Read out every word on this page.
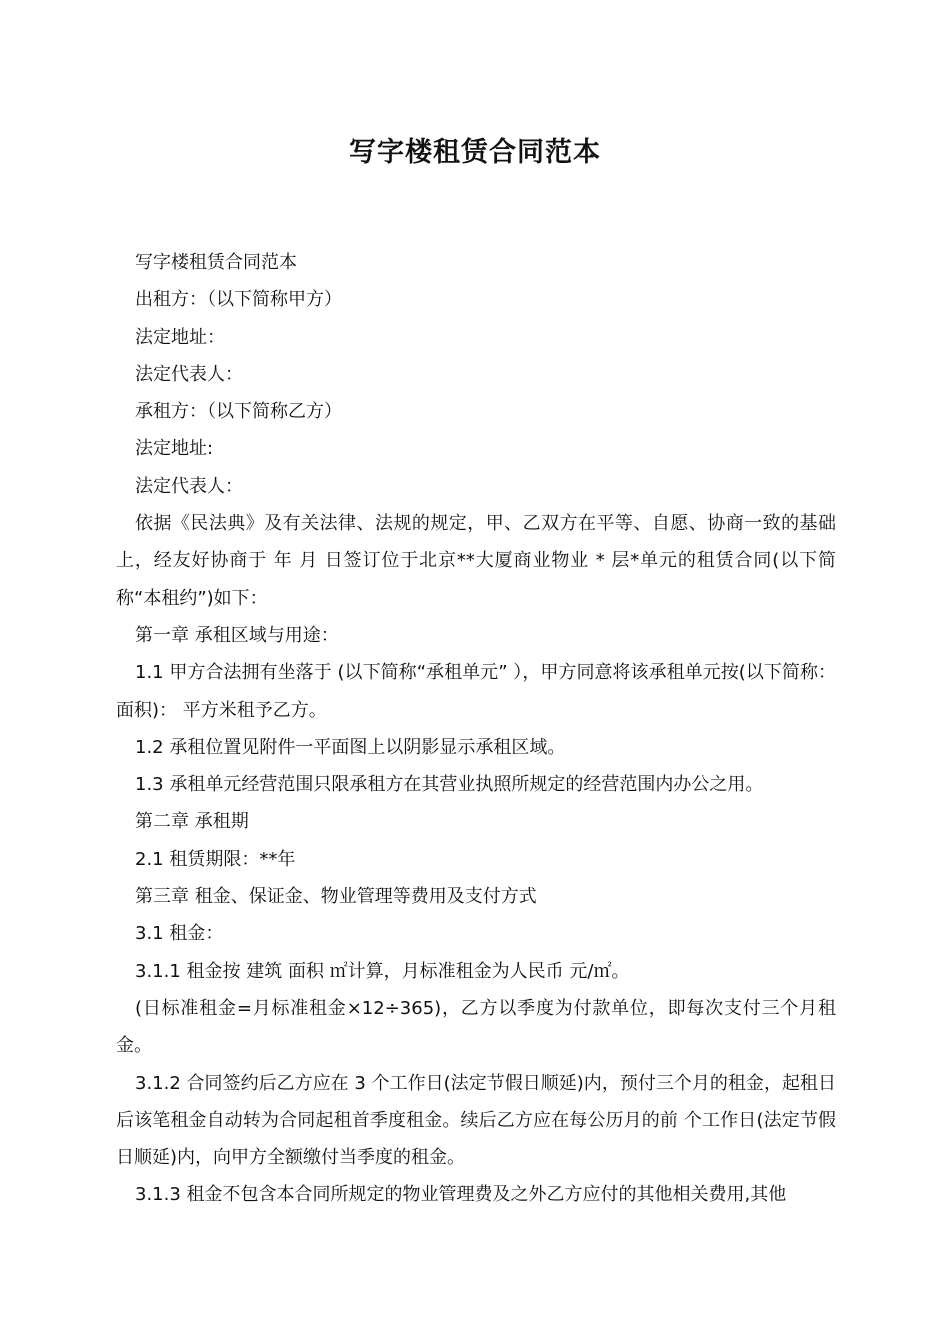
写字楼租赁合同范本

写字楼租赁合同范本

出租方：（以下简称甲方）

法定地址：

法定代表人：

承租方：（以下简称乙方）

法定地址:

法定代表人：

依据《民法典》及有关法律、法规的规定，甲、乙双方在平等、自愿、协商一致的基础上，经友好协商于 年 月 日签订位于北京**大厦商业物业 * 层*单元的租赁合同(以下简称“本租约”)如下：

第一章 承租区域与用途：

1.1 甲方合法拥有坐落于 (以下简称“承租单元” ），甲方同意将该承租单元按(以下简称：面积)： 平方米租予乙方。

1.2 承租位置见附件一平面图上以阴影显示承租区域。

1.3 承租单元经营范围只限承租方在其营业执照所规定的经营范围内办公之用。

第二章 承租期

2.1 租赁期限：**年

第三章 租金、保证金、物业管理等费用及支付方式

3.1 租金：

3.1.1 租金按 建筑 面积 ㎡计算，月标准租金为人民币 元/㎡。

(日标准租金=月标准租金×12÷365)，乙方以季度为付款单位，即每次支付三个月租金。

3.1.2 合同签约后乙方应在 3 个工作日(法定节假日顺延)内，预付三个月的租金，起租日后该笔租金自动转为合同起租首季度租金。续后乙方应在每公历月的前 个工作日(法定节假日顺延)内，向甲方全额缴付当季度的租金。

3.1.3 租金不包含本合同所规定的物业管理费及之外乙方应付的其他相关费用,其他
